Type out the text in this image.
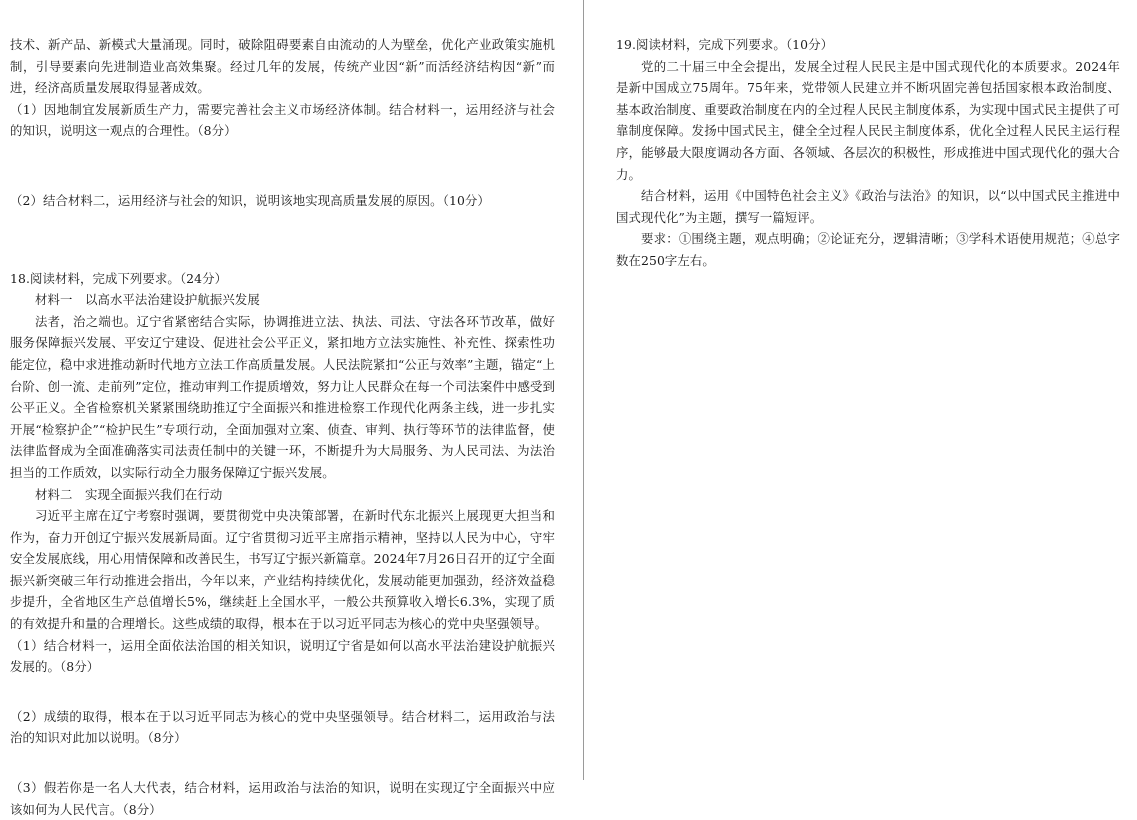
技术、新产品、新模式大量涌现。同时，破除阻碍要素自由流动的人为壁垒，优化产业政策实施机制，引导要素向先进制造业高效集聚。经过几年的发展，传统产业因“新”而活经济结构因“新”而进，经济高质量发展取得显著成效。

（1）因地制宜发展新质生产力，需要完善社会主义市场经济体制。结合材料一，运用经济与社会的知识，说明这一观点的合理性。（8分）

（2）结合材料二，运用经济与社会的知识，说明该地实现高质量发展的原因。（10分）

18.阅读材料，完成下列要求。（24分）

材料一　以高水平法治建设护航振兴发展

法者，治之端也。辽宁省紧密结合实际，协调推进立法、执法、司法、守法各环节改革，做好服务保障振兴发展、平安辽宁建设、促进社会公平正义，紧扣地方立法实施性、补充性、探索性功能定位，稳中求进推动新时代地方立法工作高质量发展。人民法院紧扣“公正与效率”主题，锚定“上台阶、创一流、走前列”定位，推动审判工作提质增效，努力让人民群众在每一个司法案件中感受到公平正义。全省检察机关紧紧围绕助推辽宁全面振兴和推进检察工作现代化两条主线，进一步扎实开展“检察护企”“检护民生”专项行动，全面加强对立案、侦查、审判、执行等环节的法律监督，使法律监督成为全面准确落实司法责任制中的关键一环，不断提升为大局服务、为人民司法、为法治担当的工作质效，以实际行动全力服务保障辽宁振兴发展。

材料二　实现全面振兴我们在行动

习近平主席在辽宁考察时强调，要贯彻党中央决策部署，在新时代东北振兴上展现更大担当和作为，奋力开创辽宁振兴发展新局面。辽宁省贯彻习近平主席指示精神，坚持以人民为中心，守牢安全发展底线，用心用情保障和改善民生，书写辽宁振兴新篇章。2024年7月26日召开的辽宁全面振兴新突破三年行动推进会指出，今年以来，产业结构持续优化，发展动能更加强劲，经济效益稳步提升，全省地区生产总值增长5%，继续赶上全国水平，一般公共预算收入增长6.3%，实现了质的有效提升和量的合理增长。这些成绩的取得，根本在于以习近平同志为核心的党中央坚强领导。

（1）结合材料一，运用全面依法治国的相关知识，说明辽宁省是如何以高水平法治建设护航振兴发展的。（8分）

（2）成绩的取得，根本在于以习近平同志为核心的党中央坚强领导。结合材料二，运用政治与法治的知识对此加以说明。（8分）

（3）假若你是一名人大代表，结合材料，运用政治与法治的知识，说明在实现辽宁全面振兴中应该如何为人民代言。（8分）

19.阅读材料，完成下列要求。（10分）

党的二十届三中全会提出，发展全过程人民民主是中国式现代化的本质要求。2024年是新中国成立75周年。75年来，党带领人民建立并不断巩固完善包括国家根本政治制度、基本政治制度、重要政治制度在内的全过程人民民主制度体系，为实现中国式民主提供了可靠制度保障。发扬中国式民主，健全全过程人民民主制度体系，优化全过程人民民主运行程序，能够最大限度调动各方面、各领域、各层次的积极性，形成推进中国式现代化的强大合力。

结合材料，运用《中国特色社会主义》《政治与法治》的知识，以“以中国式民主推进中国式现代化”为主题，撰写一篇短评。

要求：①围绕主题，观点明确；②论证充分，逻辑清晰；③学科术语使用规范；④总字数在250字左右。
